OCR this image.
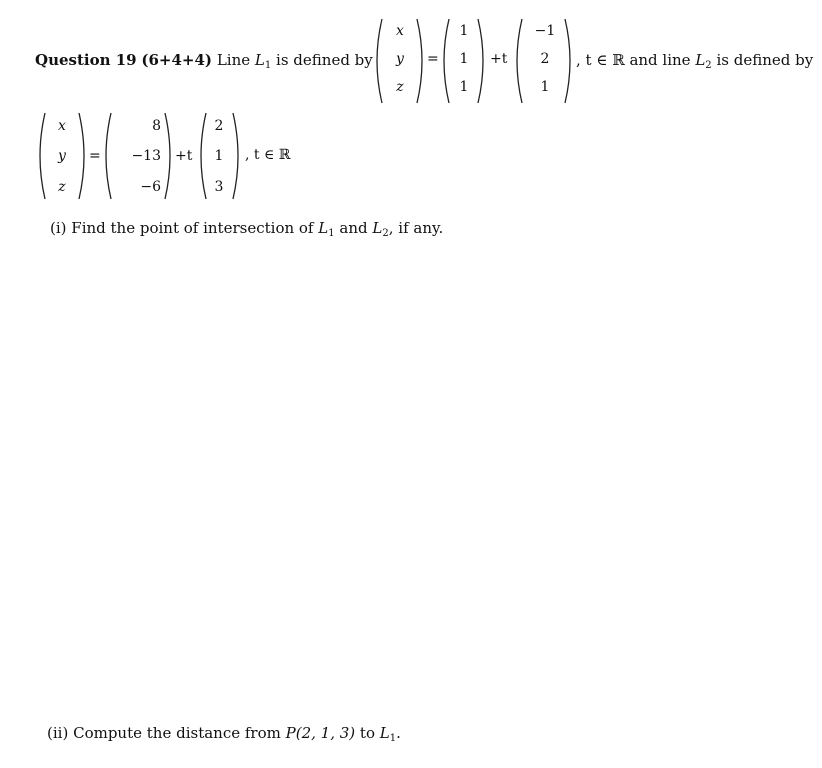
Question 19 (6+4+4) Line $L_1$ is defined by
x
y
z
=
1
1
1
+t
−1
2
1
, t ∈ ℝ and line $L_2$ is defined by
x
y
z
=
8
−13
−6
+t
2
1
3
, t ∈ ℝ
(i) Find the point of intersection of $L_1$ and $L_2$, if any.
(ii) Compute the distance from P(2, 1, 3) to $L_1$.
